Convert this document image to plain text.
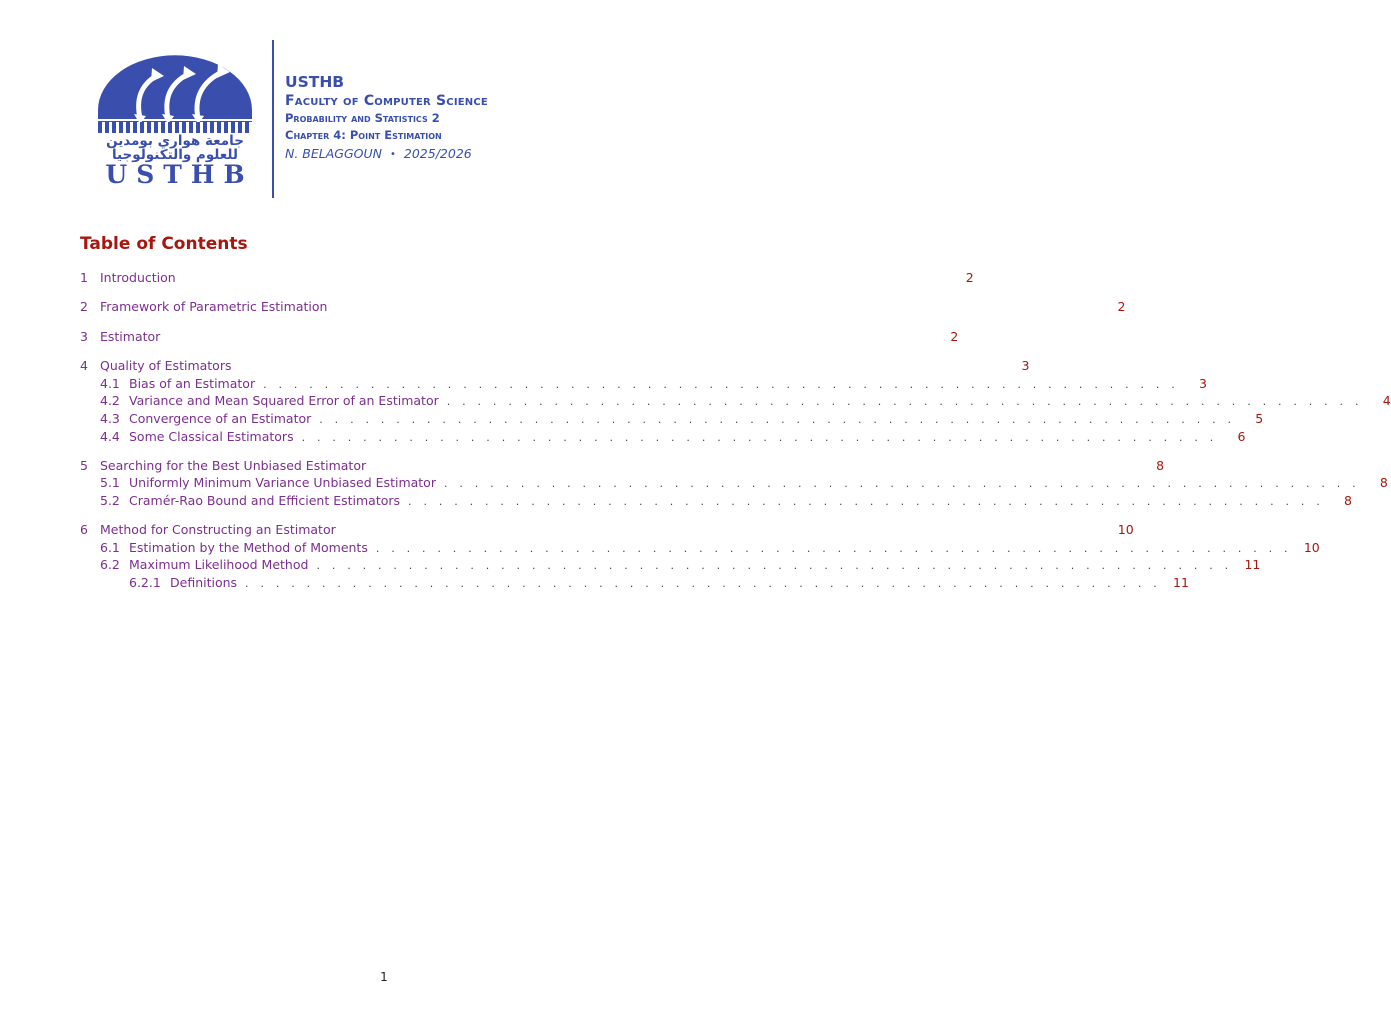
جامعة هواري بومدين
للعلوم والتكنولوجيا
USTHB
USTHB
Faculty of Computer Science
Probability and Statistics 2
Chapter 4: Point Estimation
N. BELAGGOUN • 2025/2026
Table of Contents
1 Introduction	2
2 Framework of Parametric Estimation	2
3 Estimator	2
4 Quality of Estimators	3
4.1 Bias of an Estimator . . . . . . . . . . . . . . . . . . . . . . . . . . . . . . . . . . . . . . . . . . . . . . . . . . . . . . . . . . . .	3
4.2 Variance and Mean Squared Error of an Estimator . . . . . . . . . . . . . . . . . . . . . . . . . . . . . . . . . . . . . . . . . . . . . . . . . . . . . . . . . . . .	4
4.3 Convergence of an Estimator . . . . . . . . . . . . . . . . . . . . . . . . . . . . . . . . . . . . . . . . . . . . . . . . . . . . . . . . . . . .	5
4.4 Some Classical Estimators . . . . . . . . . . . . . . . . . . . . . . . . . . . . . . . . . . . . . . . . . . . . . . . . . . . . . . . . . . . .	6
5 Searching for the Best Unbiased Estimator	8
5.1 Uniformly Minimum Variance Unbiased Estimator . . . . . . . . . . . . . . . . . . . . . . . . . . . . . . . . . . . . . . . . . . . . . . . . . . . . . . . . . . . .	8
5.2 Cramér-Rao Bound and Efficient Estimators . . . . . . . . . . . . . . . . . . . . . . . . . . . . . . . . . . . . . . . . . . . . . . . . . . . . . . . . . . . .	8
6 Method for Constructing an Estimator	10
6.1 Estimation by the Method of Moments . . . . . . . . . . . . . . . . . . . . . . . . . . . . . . . . . . . . . . . . . . . . . . . . . . . . . . . . . . . . 10
6.2 Maximum Likelihood Method . . . . . . . . . . . . . . . . . . . . . . . . . . . . . . . . . . . . . . . . . . . . . . . . . . . . . . . . . . . . 11
6.2.1 Definitions . . . . . . . . . . . . . . . . . . . . . . . . . . . . . . . . . . . . . . . . . . . . . . . . . . . . . . . . . . . . 11
1
